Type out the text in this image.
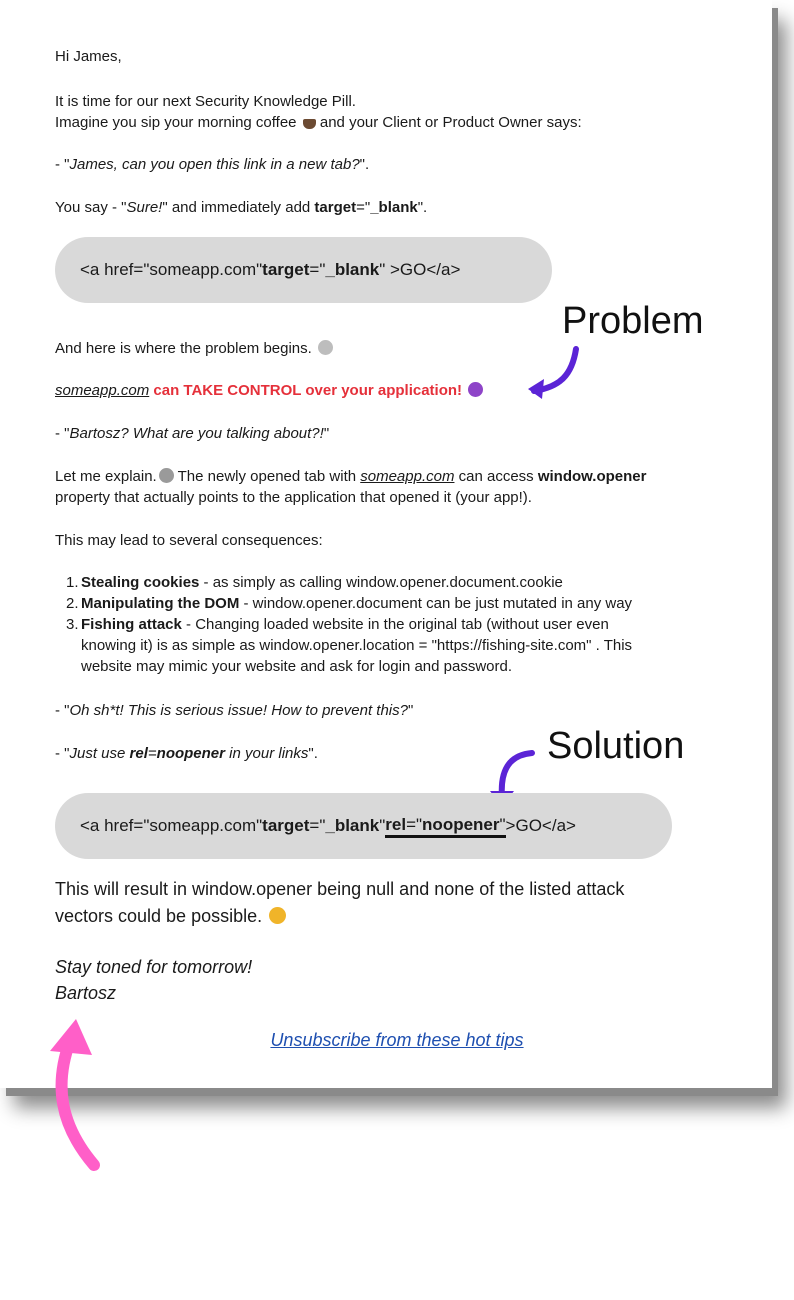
Hi James,
It is time for our next Security Knowledge Pill.
Imagine you sip your morning coffee and your Client or Product Owner says:
- "James, can you open this link in a new tab?".
You say - "Sure!" and immediately add target="_blank".
<a href="someapp.com" target =" _blank " >GO</a>
Problem
And here is where the problem begins.
someapp.com can TAKE CONTROL over your application!
- "Bartosz? What are you talking about?!"
Let me explain. The newly opened tab with someapp.com can access window.opener
property that actually points to the application that opened it (your app!).
This may lead to several consequences:
1. Stealing cookies - as simply as calling window.opener.document.cookie
2. Manipulating the DOM - window.opener.document can be just mutated in any way
3. Fishing attack - Changing loaded website in the original tab (without user even
knowing it) is as simple as window.opener.location = "https://fishing-site.com" . This
website may mimic your website and ask for login and password.
- "Oh sh*t! This is serious issue! How to prevent this?"
- "Just use rel=noopener in your links".	Solution
<a href="someapp.com" target =" _blank " rel="noopener" >GO</a>
This will result in window.opener being null and none of the listed attack
vectors could be possible.
Stay toned for tomorrow!
Bartosz
Unsubscribe from these hot tips
